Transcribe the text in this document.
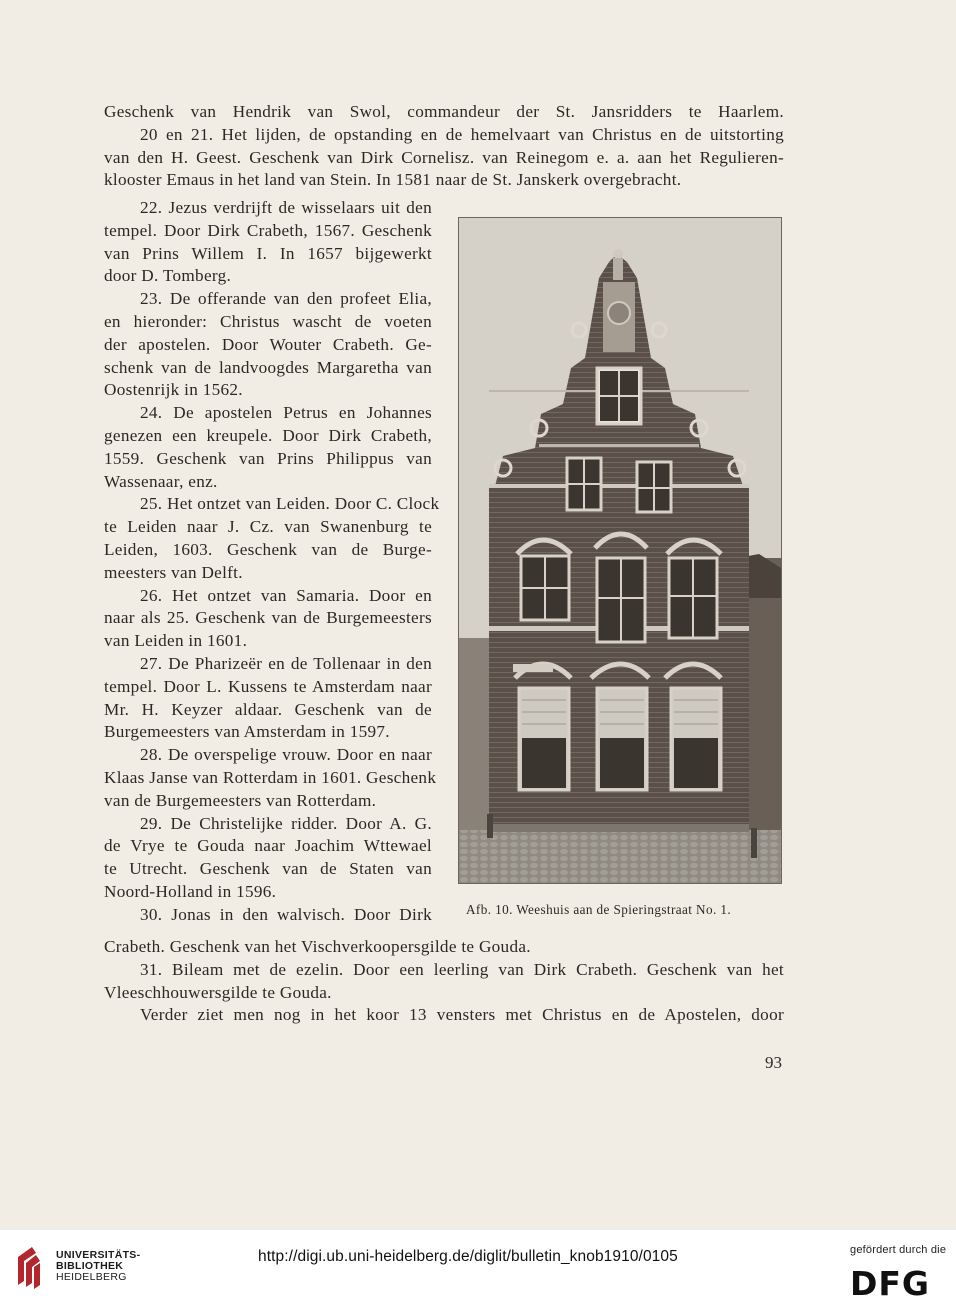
Geschenk van Hendrik van Swol, commandeur der St. Jansridders te Haarlem.
20 en 21. Het lijden, de opstanding en de hemelvaart van Christus en de uitstorting
van den H. Geest. Geschenk van Dirk Cornelisz. van Reinegom e. a. aan het Regulieren-
klooster Emaus in het land van Stein. In 1581 naar de St. Janskerk overgebracht.
22. Jezus verdrijft de wisselaars uit den
tempel. Door Dirk Crabeth, 1567. Geschenk
van Prins Willem I. In 1657 bijgewerkt
door D. Tomberg.
23. De offerande van den profeet Elia,
en hieronder: Christus wascht de voeten
der apostelen. Door Wouter Crabeth. Ge-
schenk van de landvoogdes Margaretha van
Oostenrijk in 1562.
24. De apostelen Petrus en Johannes
genezen een kreupele. Door Dirk Crabeth,
1559. Geschenk van Prins Philippus van
Wassenaar, enz.
25. Het ontzet van Leiden. Door C. Clock
te Leiden naar J. Cz. van Swanenburg te
Leiden, 1603. Geschenk van de Burge-
meesters van Delft.
26. Het ontzet van Samaria. Door en
naar als 25. Geschenk van de Burgemeesters
van Leiden in 1601.
27. De Pharizeër en de Tollenaar in den
tempel. Door L. Kussens te Amsterdam naar
Mr. H. Keyzer aldaar. Geschenk van de
Burgemeesters van Amsterdam in 1597.
28. De overspelige vrouw. Door en naar
Klaas Janse van Rotterdam in 1601. Geschenk
van de Burgemeesters van Rotterdam.
29. De Christelijke ridder. Door A. G.
de Vrye te Gouda naar Joachim Wttewael
te Utrecht. Geschenk van de Staten van
Noord-Holland in 1596.
30. Jonas in den walvisch. Door Dirk
Crabeth. Geschenk van het Vischverkoopersgilde te Gouda.
31. Bileam met de ezelin. Door een leerling van Dirk Crabeth. Geschenk van het
Vleeschhouwersgilde te Gouda.
Verder ziet men nog in het koor 13 vensters met Christus en de Apostelen, door
Afb. 10. Weeshuis aan de Spieringstraat No. 1.
93
UNIVERSITÄTS-
BIBLIOTHEK
HEIDELBERG
http://digi.ub.uni-heidelberg.de/diglit/bulletin_knob1910/0105	gefördert durch die
DFG
